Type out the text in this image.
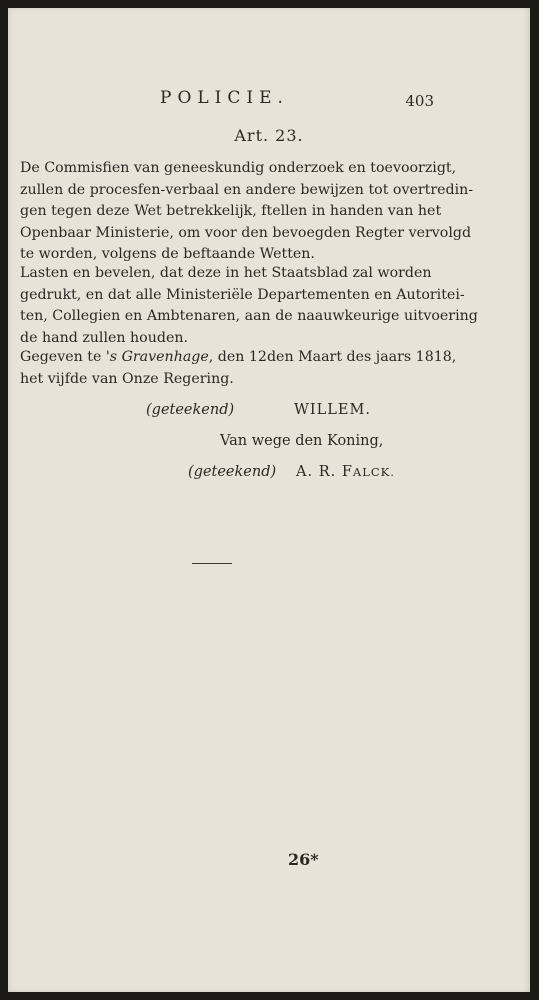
POLICIE.	403
Art. 23.
De Commisfien van geneeskundig onderzoek en toevoorzigt,
zullen de procesfen-verbaal en andere bewijzen tot overtredin-
gen tegen deze Wet betrekkelijk, ftellen in handen van het
Openbaar Ministerie, om voor den bevoegden Regter vervolgd
te worden, volgens de beftaande Wetten.
Lasten en bevelen, dat deze in het Staatsblad zal worden
gedrukt, en dat alle Ministeriële Departementen en Autoritei-
ten, Collegien en Ambtenaren, aan de naauwkeurige uitvoering
de hand zullen houden.
Gegeven te 's Gravenhage, den 12den Maart des jaars 1818,
het vijfde van Onze Regering.
(geteekend)	WILLEM.
Van wege den Koning,
(geteekend) A. R. FALCK.
26*
